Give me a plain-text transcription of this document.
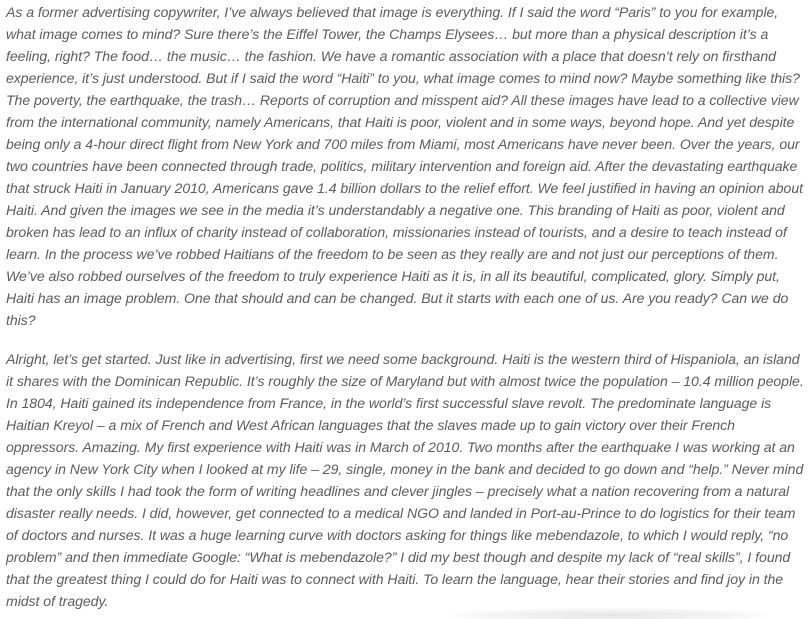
As a former advertising copywriter, I’ve always believed that image is everything. If I said the word “Paris” to you for example, what image comes to mind? Sure there’s the Eiffel Tower, the Champs Elysees… but more than a physical description it’s a feeling, right? The food… the music… the fashion. We have a romantic association with a place that doesn’t rely on firsthand experience, it’s just understood. But if I said the word “Haiti” to you, what image comes to mind now? Maybe something like this? The poverty, the earthquake, the trash… Reports of corruption and misspent aid? All these images have lead to a collective view from the international community, namely Americans, that Haiti is poor, violent and in some ways, beyond hope. And yet despite being only a 4-hour direct flight from New York and 700 miles from Miami, most Americans have never been. Over the years, our two countries have been connected through trade, politics, military intervention and foreign aid. After the devastating earthquake that struck Haiti in January 2010, Americans gave 1.4 billion dollars to the relief effort. We feel justified in having an opinion about Haiti. And given the images we see in the media it’s understandably a negative one. This branding of Haiti as poor, violent and broken has lead to an influx of charity instead of collaboration, missionaries instead of tourists, and a desire to teach instead of learn. In the process we’ve robbed Haitians of the freedom to be seen as they really are and not just our perceptions of them. We’ve also robbed ourselves of the freedom to truly experience Haiti as it is, in all its beautiful, complicated, glory. Simply put, Haiti has an image problem. One that should and can be changed. But it starts with each one of us. Are you ready? Can we do this?

Alright, let’s get started. Just like in advertising, first we need some background. Haiti is the western third of Hispaniola, an island it shares with the Dominican Republic. It’s roughly the size of Maryland but with almost twice the population – 10.4 million people. In 1804, Haiti gained its independence from France, in the world’s first successful slave revolt. The predominate language is Haitian Kreyol – a mix of French and West African languages that the slaves made up to gain victory over their French oppressors. Amazing. My first experience with Haiti was in March of 2010. Two months after the earthquake I was working at an agency in New York City when I looked at my life – 29, single, money in the bank and decided to go down and “help.” Never mind that the only skills I had took the form of writing headlines and clever jingles – precisely what a nation recovering from a natural disaster really needs. I did, however, get connected to a medical NGO and landed in Port-au-Prince to do logistics for their team of doctors and nurses. It was a huge learning curve with doctors asking for things like mebendazole, to which I would reply, “no problem” and then immediate Google: “What is mebendazole?” I did my best though and despite my lack of “real skills”, I found that the greatest thing I could do for Haiti was to connect with Haiti. To learn the language, hear their stories and find joy in the midst of tragedy.
